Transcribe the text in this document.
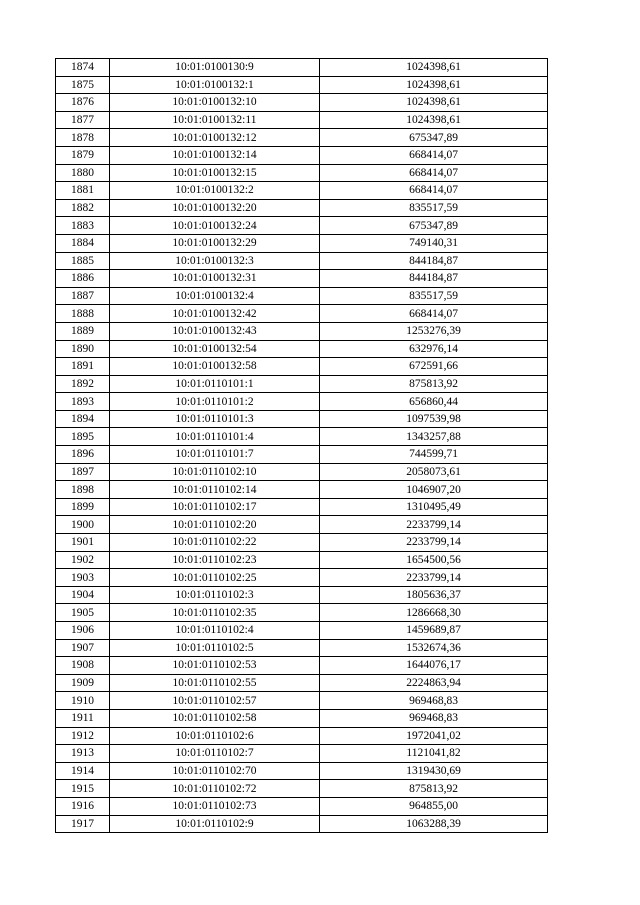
1874	10:01:0100130:9	1024398,61
1875	10:01:0100132:1	1024398,61
1876	10:01:0100132:10	1024398,61
1877	10:01:0100132:11	1024398,61
1878	10:01:0100132:12	675347,89
1879	10:01:0100132:14	668414,07
1880	10:01:0100132:15	668414,07
1881	10:01:0100132:2	668414,07
1882	10:01:0100132:20	835517,59
1883	10:01:0100132:24	675347,89
1884	10:01:0100132:29	749140,31
1885	10:01:0100132:3	844184,87
1886	10:01:0100132:31	844184,87
1887	10:01:0100132:4	835517,59
1888	10:01:0100132:42	668414,07
1889	10:01:0100132:43	1253276,39
1890	10:01:0100132:54	632976,14
1891	10:01:0100132:58	672591,66
1892	10:01:0110101:1	875813,92
1893	10:01:0110101:2	656860,44
1894	10:01:0110101:3	1097539,98
1895	10:01:0110101:4	1343257,88
1896	10:01:0110101:7	744599,71
1897	10:01:0110102:10	2058073,61
1898	10:01:0110102:14	1046907,20
1899	10:01:0110102:17	1310495,49
1900	10:01:0110102:20	2233799,14
1901	10:01:0110102:22	2233799,14
1902	10:01:0110102:23	1654500,56
1903	10:01:0110102:25	2233799,14
1904	10:01:0110102:3	1805636,37
1905	10:01:0110102:35	1286668,30
1906	10:01:0110102:4	1459689,87
1907	10:01:0110102:5	1532674,36
1908	10:01:0110102:53	1644076,17
1909	10:01:0110102:55	2224863,94
1910	10:01:0110102:57	969468,83
1911	10:01:0110102:58	969468,83
1912	10:01:0110102:6	1972041,02
1913	10:01:0110102:7	1121041,82
1914	10:01:0110102:70	1319430,69
1915	10:01:0110102:72	875813,92
1916	10:01:0110102:73	964855,00
1917	10:01:0110102:9	1063288,39
